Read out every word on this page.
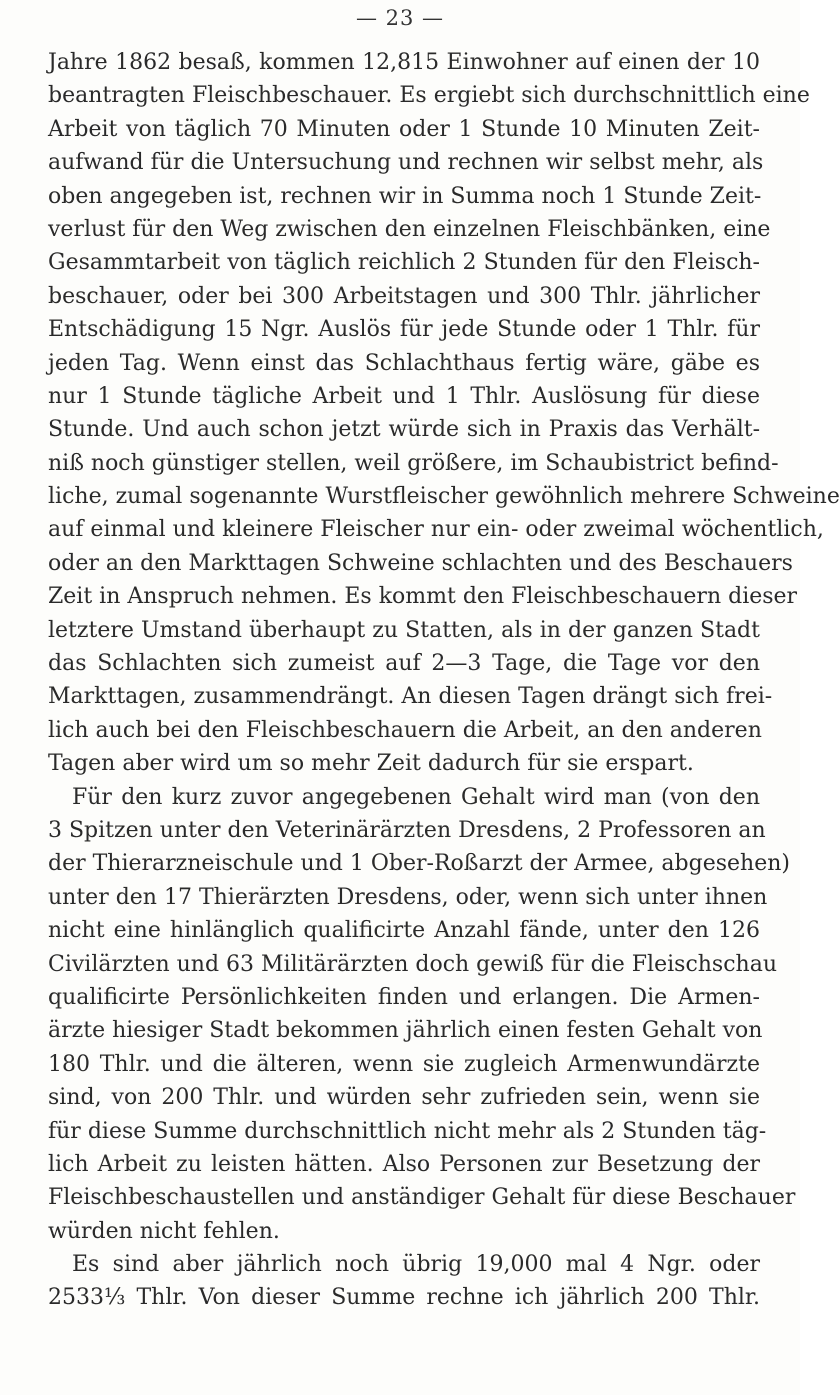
— 23 —
Jahre 1862 besaß, kommen 12,815 Einwohner auf einen der 10
beantragten Fleischbeschauer. Es ergiebt sich durchschnittlich eine
Arbeit von täglich 70 Minuten oder 1 Stunde 10 Minuten Zeit-
aufwand für die Untersuchung und rechnen wir selbst mehr, als
oben angegeben ist, rechnen wir in Summa noch 1 Stunde Zeit-
verlust für den Weg zwischen den einzelnen Fleischbänken, eine
Gesammtarbeit von täglich reichlich 2 Stunden für den Fleisch-
beschauer, oder bei 300 Arbeitstagen und 300 Thlr. jährlicher
Entschädigung 15 Ngr. Auslös für jede Stunde oder 1 Thlr. für
jeden Tag. Wenn einst das Schlachthaus fertig wäre, gäbe es
nur 1 Stunde tägliche Arbeit und 1 Thlr. Auslösung für diese
Stunde. Und auch schon jetzt würde sich in Praxis das Verhält-
niß noch günstiger stellen, weil größere, im Schaubistrict befind-
liche, zumal sogenannte Wurstfleischer gewöhnlich mehrere Schweine
auf einmal und kleinere Fleischer nur ein- oder zweimal wöchentlich,
oder an den Markttagen Schweine schlachten und des Beschauers
Zeit in Anspruch nehmen. Es kommt den Fleischbeschauern dieser
letztere Umstand überhaupt zu Statten, als in der ganzen Stadt
das Schlachten sich zumeist auf 2—3 Tage, die Tage vor den
Markttagen, zusammendrängt. An diesen Tagen drängt sich frei-
lich auch bei den Fleischbeschauern die Arbeit, an den anderen
Tagen aber wird um so mehr Zeit dadurch für sie erspart.
Für den kurz zuvor angegebenen Gehalt wird man (von den
3 Spitzen unter den Veterinärärzten Dresdens, 2 Professoren an
der Thierarzneischule und 1 Ober-Roßarzt der Armee, abgesehen)
unter den 17 Thierärzten Dresdens, oder, wenn sich unter ihnen
nicht eine hinlänglich qualificirte Anzahl fände, unter den 126
Civilärzten und 63 Militärärzten doch gewiß für die Fleischschau
qualificirte Persönlichkeiten finden und erlangen. Die Armen-
ärzte hiesiger Stadt bekommen jährlich einen festen Gehalt von
180 Thlr. und die älteren, wenn sie zugleich Armenwundärzte
sind, von 200 Thlr. und würden sehr zufrieden sein, wenn sie
für diese Summe durchschnittlich nicht mehr als 2 Stunden täg-
lich Arbeit zu leisten hätten. Also Personen zur Besetzung der
Fleischbeschaustellen und anständiger Gehalt für diese Beschauer
würden nicht fehlen.
Es sind aber jährlich noch übrig 19,000 mal 4 Ngr. oder
2533⅓ Thlr. Von dieser Summe rechne ich jährlich 200 Thlr.
